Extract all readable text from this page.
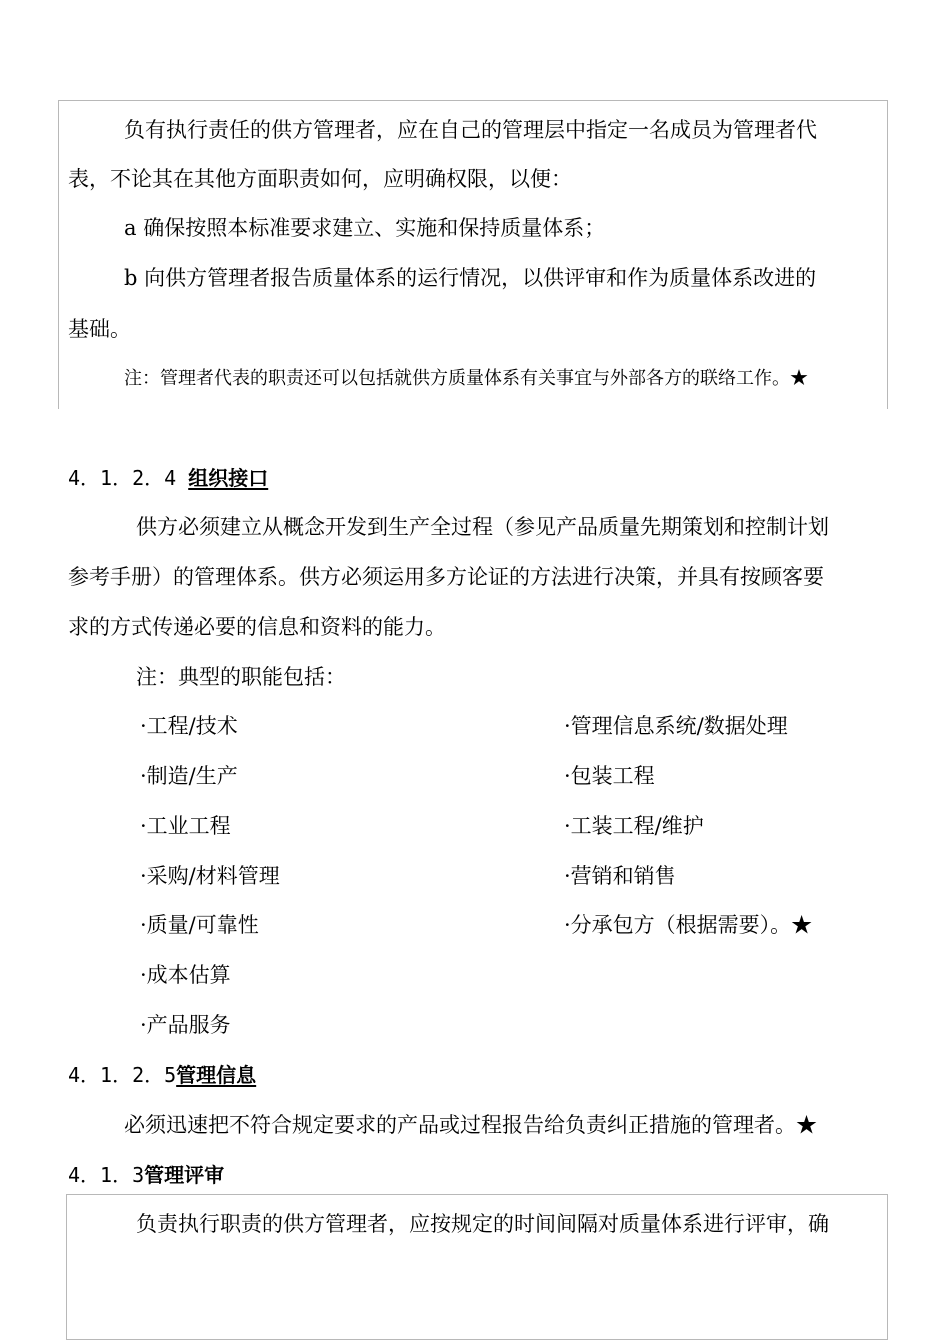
负有执行责任的供方管理者，应在自己的管理层中指定一名成员为管理者代
表，不论其在其他方面职责如何，应明确权限，以便：
a 确保按照本标准要求建立、实施和保持质量体系；
b 向供方管理者报告质量体系的运行情况，以供评审和作为质量体系改进的
基础。
注：管理者代表的职责还可以包括就供方质量体系有关事宜与外部各方的联络工作。★
4．1．2．4 组织接口
供方必须建立从概念开发到生产全过程（参见产品质量先期策划和控制计划
参考手册）的管理体系。供方必须运用多方论证的方法进行决策，并具有按顾客要
求的方式传递必要的信息和资料的能力。
注：典型的职能包括：
·工程/技术
·制造/生产
·工业工程
·采购/材料管理
·质量/可靠性
·成本估算
·产品服务
·管理信息系统/数据处理
·包装工程
·工装工程/维护
·营销和销售
·分承包方（根据需要）。★
4．1．2．5管理信息
必须迅速把不符合规定要求的产品或过程报告给负责纠正措施的管理者。★
4．1．3管理评审
负责执行职责的供方管理者，应按规定的时间间隔对质量体系进行评审，确
